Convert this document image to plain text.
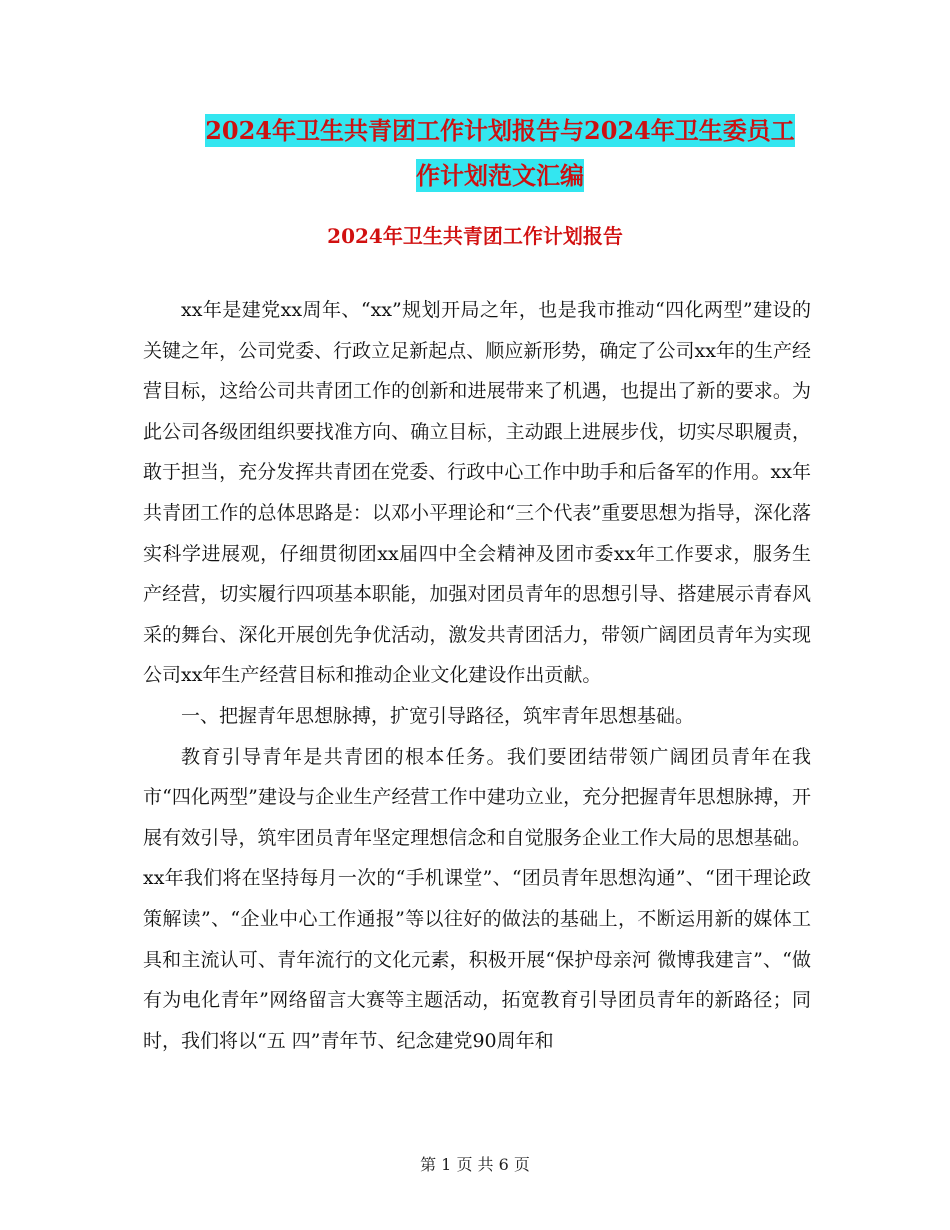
2024年卫生共青团工作计划报告与2024年卫生委员工
作计划范文汇编
2024年卫生共青团工作计划报告

xx年是建党xx周年、“xx”规划开局之年，也是我市推动“四化两型”建设的关键之年，公司党委、行政立足新起点、顺应新形势，确定了公司xx年的生产经营目标，这给公司共青团工作的创新和进展带来了机遇，也提出了新的要求。为此公司各级团组织要找准方向、确立目标，主动跟上进展步伐，切实尽职履责，敢于担当，充分发挥共青团在党委、行政中心工作中助手和后备军的作用。xx年共青团工作的总体思路是：以邓小平理论和“三个代表”重要思想为指导，深化落实科学进展观，仔细贯彻团xx届四中全会精神及团市委xx年工作要求，服务生产经营，切实履行四项基本职能，加强对团员青年的思想引导、搭建展示青春风采的舞台、深化开展创先争优活动，激发共青团活力，带领广阔团员青年为实现公司xx年生产经营目标和推动企业文化建设作出贡献。

一、把握青年思想脉搏，扩宽引导路径，筑牢青年思想基础。

教育引导青年是共青团的根本任务。我们要团结带领广阔团员青年在我市“四化两型”建设与企业生产经营工作中建功立业，充分把握青年思想脉搏，开展有效引导，筑牢团员青年坚定理想信念和自觉服务企业工作大局的思想基础。xx年我们将在坚持每月一次的“手机课堂”、“团员青年思想沟通”、“团干理论政策解读”、“企业中心工作通报”等以往好的做法的基础上，不断运用新的媒体工具和主流认可、青年流行的文化元素，积极开展“保护母亲河 微博我建言”、“做有为电化青年”网络留言大赛等主题活动，拓宽教育引导团员青年的新路径；同时，我们将以“五 四”青年节、纪念建党90周年和

第 1 页 共 6 页
